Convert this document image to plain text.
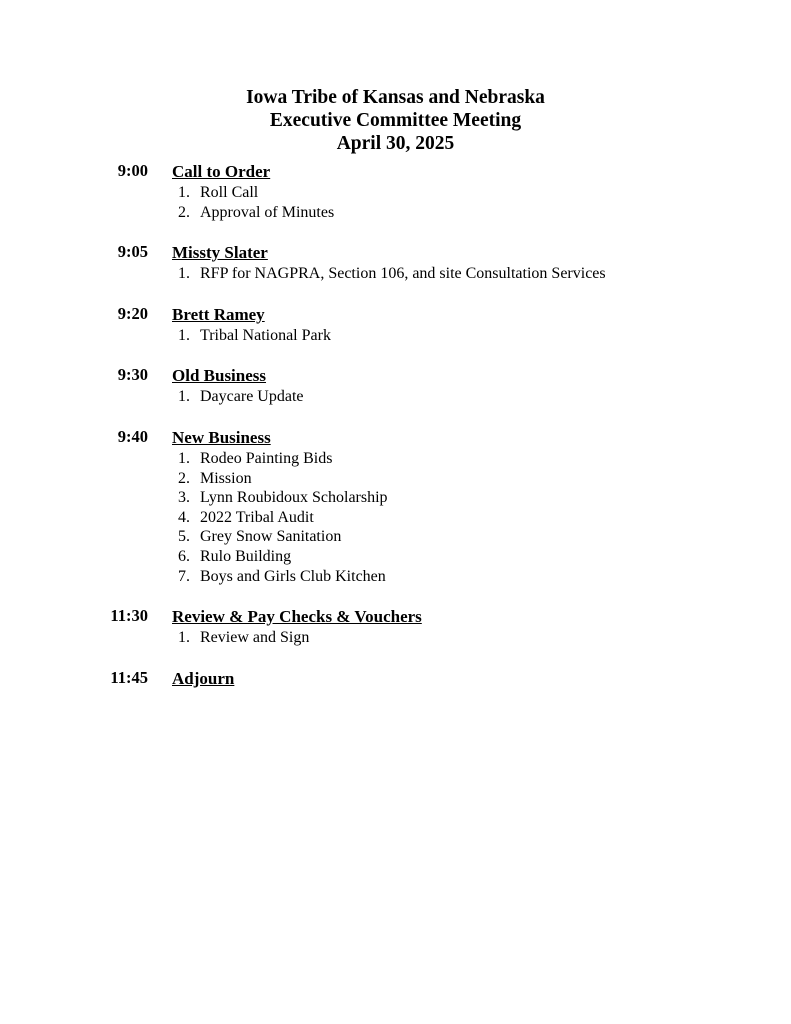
Iowa Tribe of Kansas and Nebraska
Executive Committee Meeting
April 30, 2025
9:00	Call to Order
1. Roll Call
2. Approval of Minutes
9:05	Missty Slater
1. RFP for NAGPRA, Section 106, and site Consultation Services
9:20	Brett Ramey
1. Tribal National Park
9:30	Old Business
1. Daycare Update
9:40	New Business
1. Rodeo Painting Bids
2. Mission
3. Lynn Roubidoux Scholarship
4. 2022 Tribal Audit
5. Grey Snow Sanitation
6. Rulo Building
7. Boys and Girls Club Kitchen
11:30	Review & Pay Checks & Vouchers
1. Review and Sign
11:45	Adjourn
